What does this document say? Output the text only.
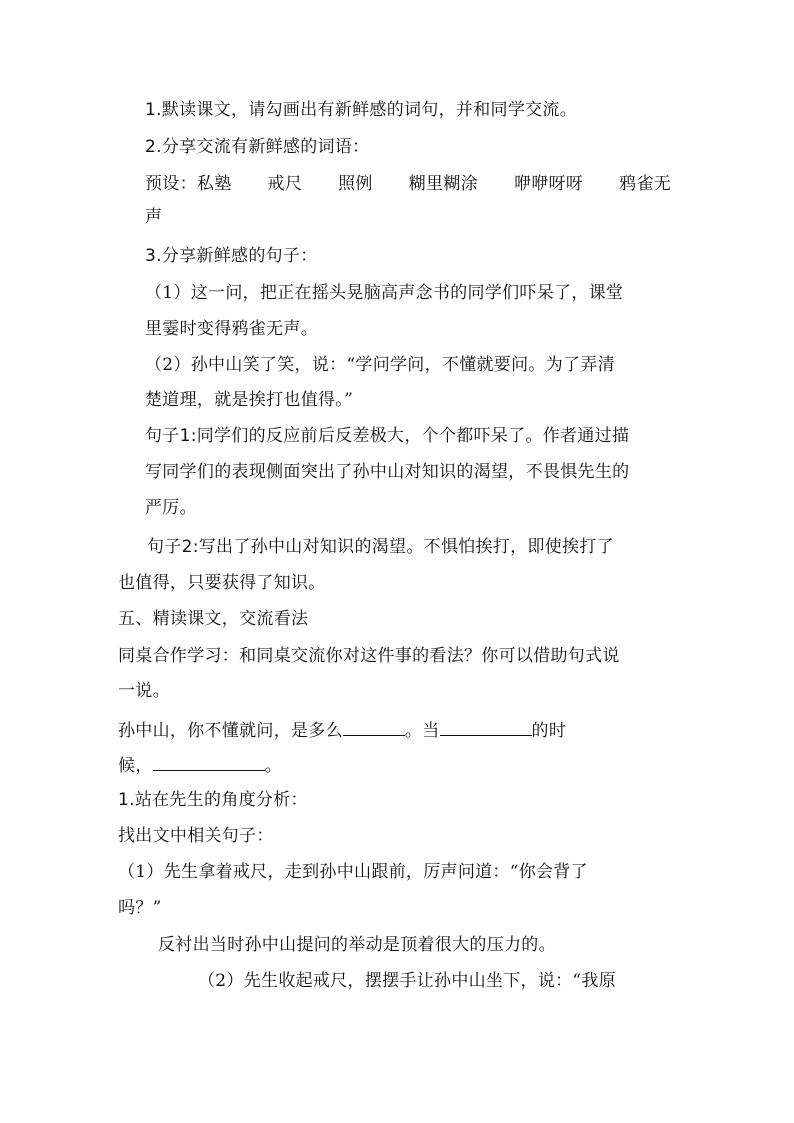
1.默读课文，请勾画出有新鲜感的词句，并和同学交流。
2.分享交流有新鲜感的词语：
预设：私塾 戒尺 照例 糊里糊涂 咿咿呀呀 鸦雀无
声
3.分享新鲜感的句子：
（1）这一问，把正在摇头晃脑高声念书的同学们吓呆了，课堂
里霎时变得鸦雀无声。
（2）孙中山笑了笑，说：“学问学问，不懂就要问。为了弄清
楚道理，就是挨打也值得。”
句子1:同学们的反应前后反差极大，个个都吓呆了。作者通过描
写同学们的表现侧面突出了孙中山对知识的渴望，不畏惧先生的
严厉。
句子2:写出了孙中山对知识的渴望。不惧怕挨打，即使挨打了
也值得，只要获得了知识。
五、精读课文，交流看法
同桌合作学习：和同桌交流你对这件事的看法？你可以借助句式说
一说。
孙中山，你不懂就问，是多么	。当	的时
候，	。
1.站在先生的角度分析：
找出文中相关句子：
（1）先生拿着戒尺，走到孙中山跟前，厉声问道：“你会背了
吗？”
反衬出当时孙中山提问的举动是顶着很大的压力的。
（2）先生收起戒尺，摆摆手让孙中山坐下，说：“我原
